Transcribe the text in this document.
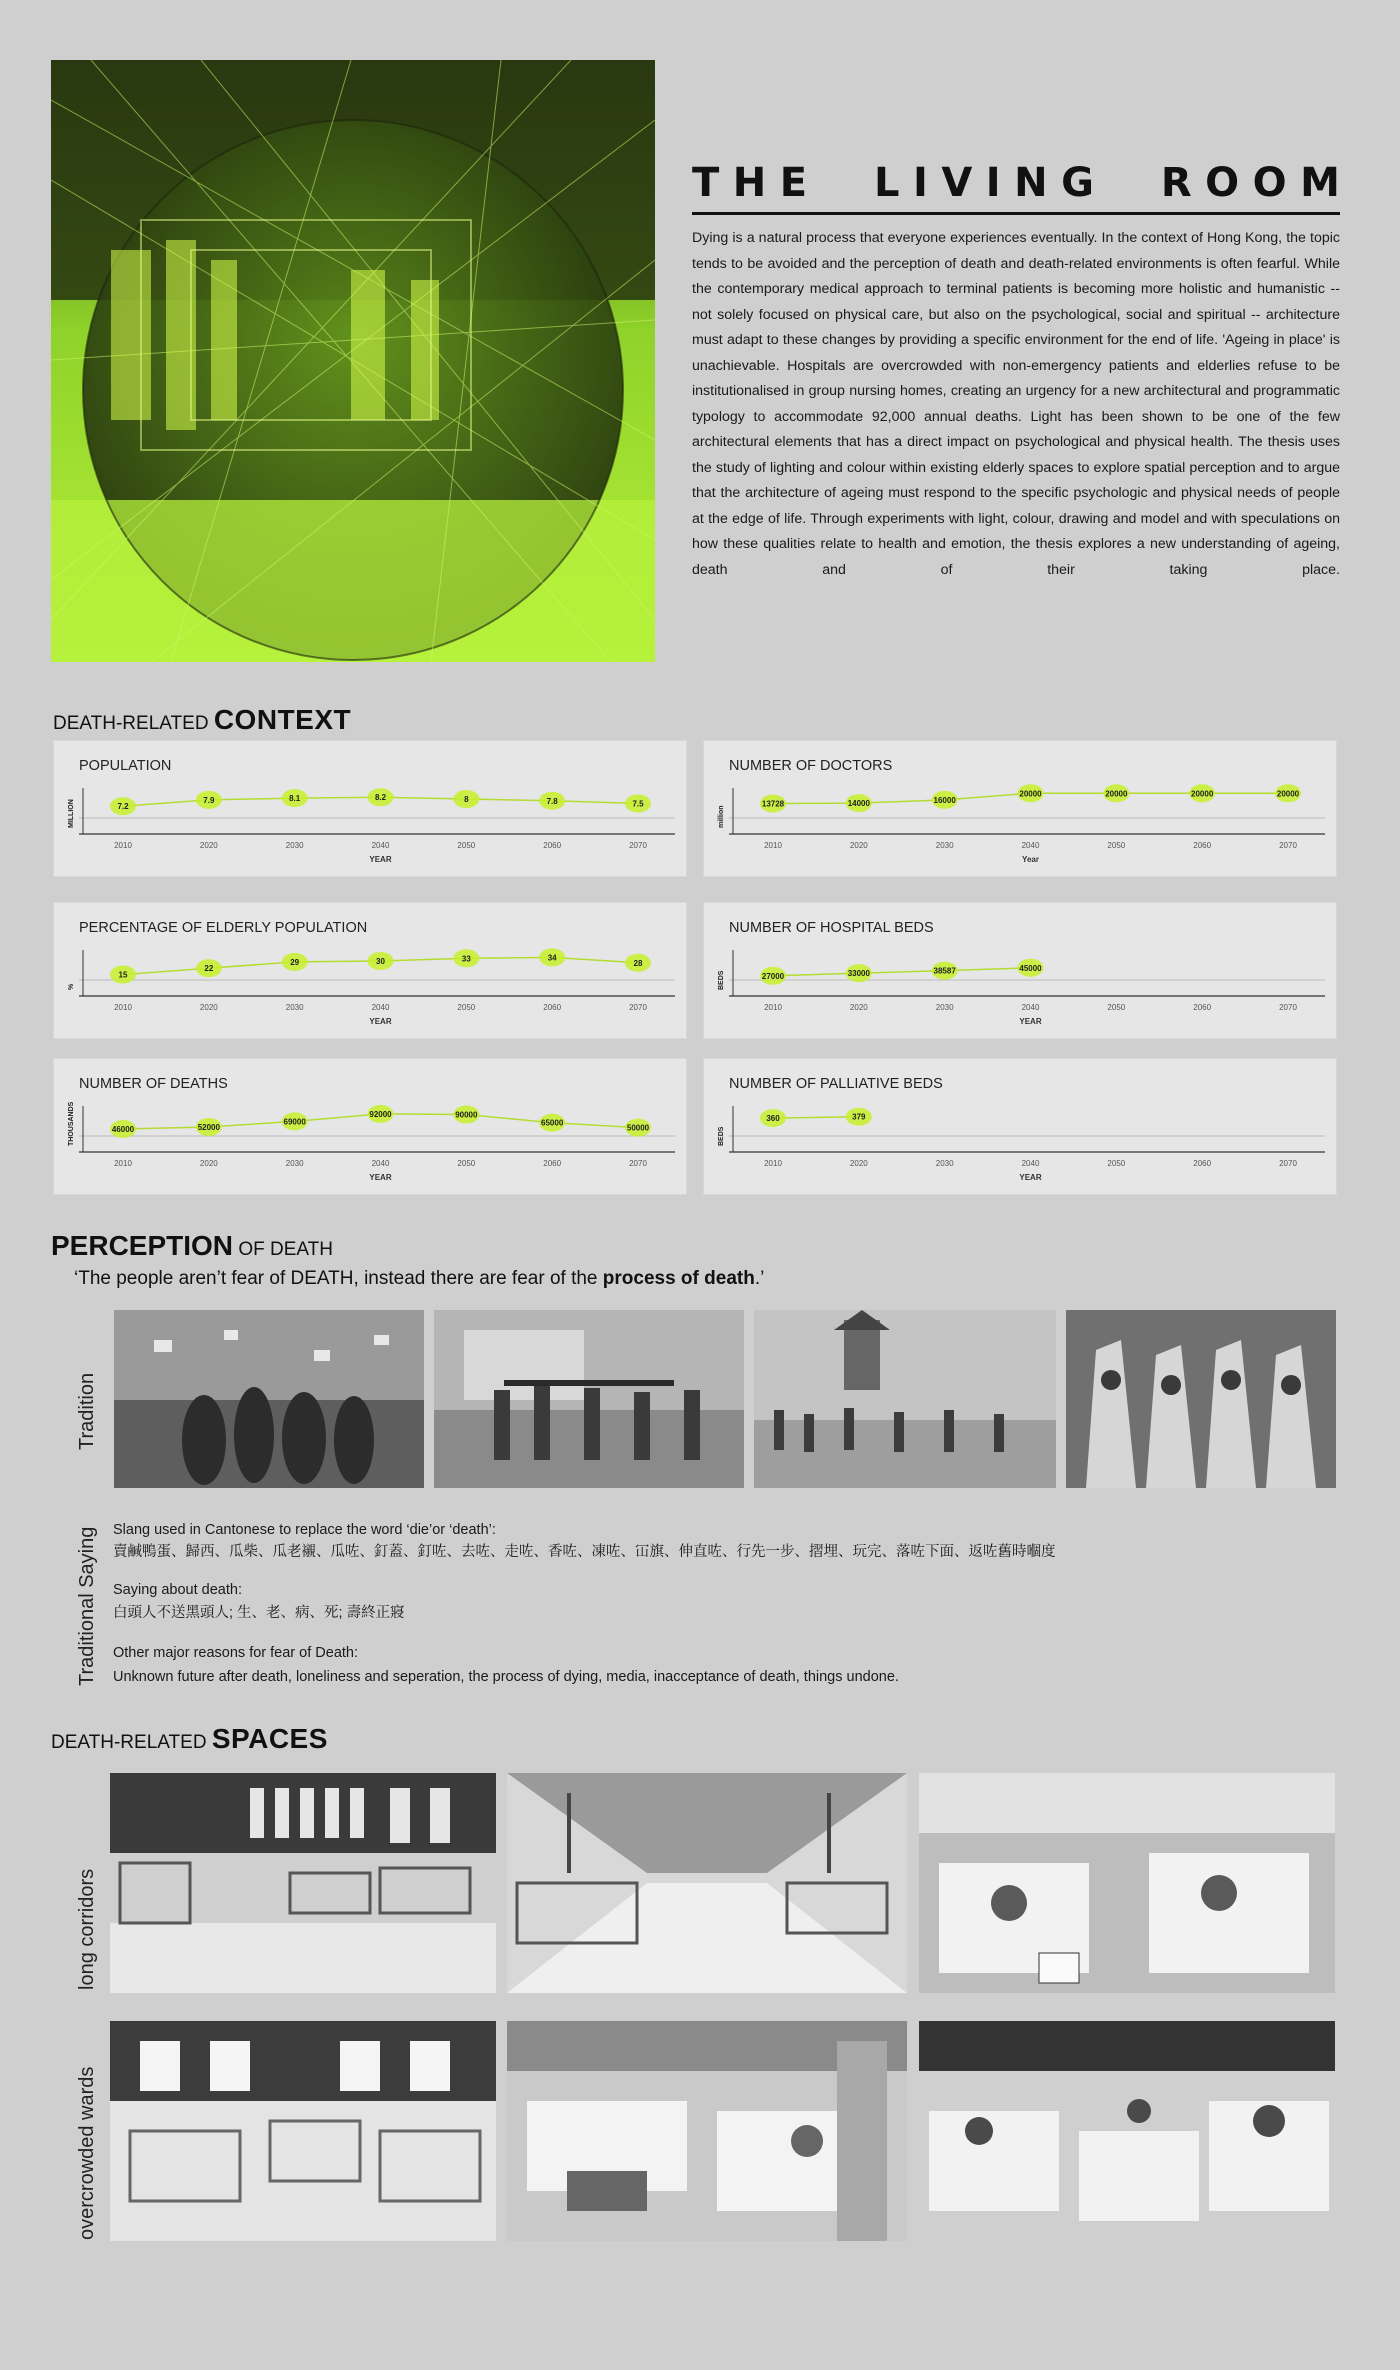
T H E L I V I N G R O O M
Dying is a natural process that everyone experiences eventually. In the context of Hong Kong, the topic tends to be avoided and the perception of death and death-related environments is often fearful. While the contemporary medical approach to terminal patients is becoming more holistic and humanistic -- not solely focused on physical care, but also on the psychological, social and spiritual -- architecture must adapt to these changes by providing a specific environment for the end of life. 'Ageing in place' is unachievable. Hospitals are overcrowded with non-emergency patients and elderlies refuse to be institutionalised in group nursing homes, creating an urgency for a new architectural and programmatic typology to accommodate 92,000 annual deaths. Light has been shown to be one of the few architectural elements that has a direct impact on psychological and physical health. The thesis uses the study of lighting and colour within existing elderly spaces to explore spatial perception and to argue that the architecture of ageing must respond to the specific psychologic and physical needs of people at the edge of life. Through experiments with light, colour, drawing and model and with speculations on how these qualities relate to health and emotion, the thesis explores a new understanding of ageing, death and of their taking place.
DEATH-RELATED CONTEXT
POPULATION
MILLION
2010	2020	2030	2040	2050	2060	2070
YEAR
7.2
7.9	8.1	8.2	8	7.8	7.5
NUMBER OF DOCTORS
million
2010	2020	2030	2040	2050	2060	2070
Year
13728	14000	16000
20000	20000	20000	20000
PERCENTAGE OF ELDERLY POPULATION
%
2010	2020	2030	2040	2050	2060	2070
YEAR
15
22
29	30	33	34
28
NUMBER OF HOSPITAL BEDS
BEDS
2010	2020	2030	2040	2050	2060	2070
YEAR
27000	33000	38587	45000
NUMBER OF DEATHS
THOUSANDS
2010	2020	2030	2040	2050	2060	2070
YEAR
46000	52000
69000
92000	90000
65000
50000
NUMBER OF PALLIATIVE BEDS
BEDS
2010	2020	2030	2040	2050	2060	2070
YEAR
360	379
PERCEPTION OF DEATH
‘The people aren’t fear of DEATH, instead there are fear of the process of death.’
Tradition
Traditional Saying Slang used in Cantonese to replace the word ‘die’or ‘death’:
賣鹹鴨蛋、歸西、瓜柴、瓜老襯、瓜咗、釘蓋、釘咗、去咗、走咗、香咗、凍咗、冚旗、伸直咗、行先一步、摺埋、玩完、落咗下面、返咗舊時嗰度
Saying about death:
白頭人不送黑頭人; 生、老、病、死; 壽終正寢
Other major reasons for fear of Death:
Unknown future after death, loneliness and seperation, the process of dying, media, inacceptance of death, things undone.
DEATH-RELATED SPACES
long corridors
overcrowded wards
